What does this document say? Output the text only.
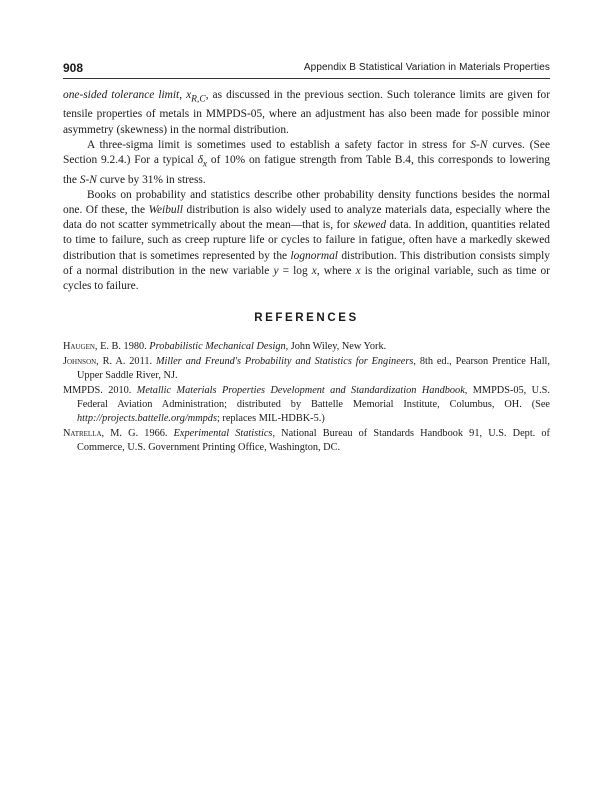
908	Appendix B Statistical Variation in Materials Properties

one-sided tolerance limit, $x_{R,C}$, as discussed in the previous section. Such tolerance limits are given for tensile properties of metals in MMPDS-05, where an adjustment has also been made for possible minor asymmetry (skewness) in the normal distribution.

A three-sigma limit is sometimes used to establish a safety factor in stress for S-N curves. (See Section 9.2.4.) For a typical $\delta_x$ of 10% on fatigue strength from Table B.4, this corresponds to lowering the S-N curve by 31% in stress.

Books on probability and statistics describe other probability density functions besides the normal one. Of these, the Weibull distribution is also widely used to analyze materials data, especially where the data do not scatter symmetrically about the mean—that is, for skewed data. In addition, quantities related to time to failure, such as creep rupture life or cycles to failure in fatigue, often have a markedly skewed distribution that is sometimes represented by the lognormal distribution. This distribution consists simply of a normal distribution in the new variable y = log x, where x is the original variable, such as time or cycles to failure.

REFERENCES
Haugen, E. B. 1980. Probabilistic Mechanical Design, John Wiley, New York.
Johnson, R. A. 2011. Miller and Freund's Probability and Statistics for Engineers, 8th ed., Pearson Prentice Hall, Upper Saddle River, NJ.
MMPDS. 2010. Metallic Materials Properties Development and Standardization Handbook, MMPDS-05, U.S. Federal Aviation Administration; distributed by Battelle Memorial Institute, Columbus, OH. (See http://projects.battelle.org/mmpds; replaces MIL-HDBK-5.)
Natrella, M. G. 1966. Experimental Statistics, National Bureau of Standards Handbook 91, U.S. Dept. of Commerce, U.S. Government Printing Office, Washington, DC.
